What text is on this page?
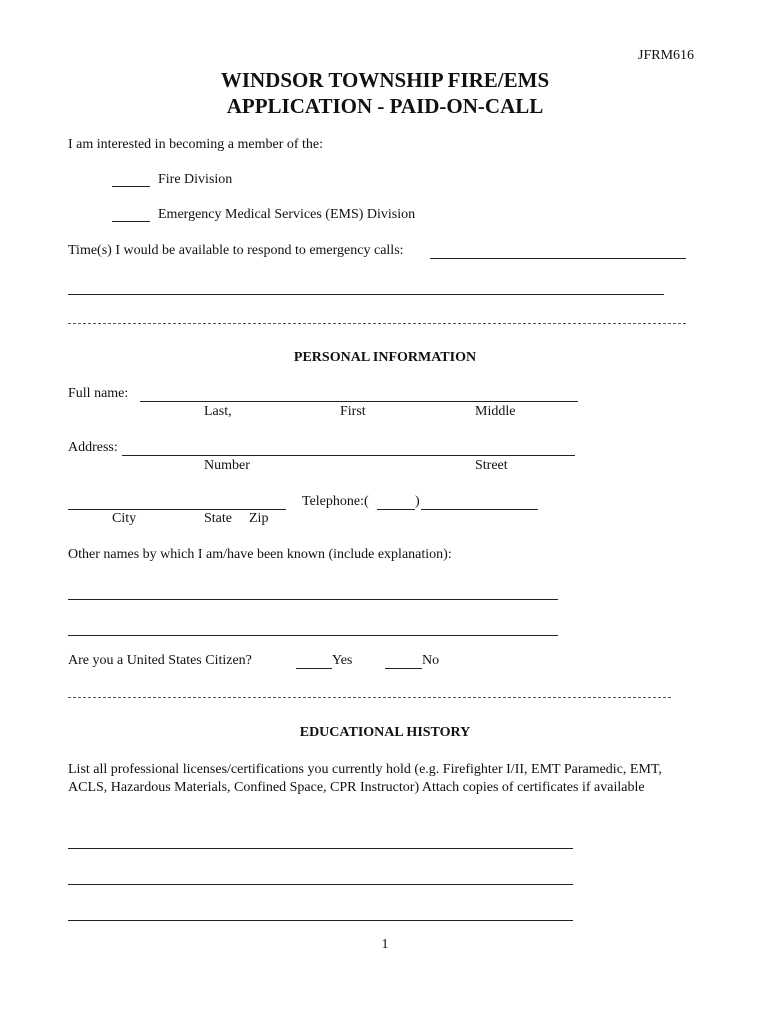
JFRM616
WINDSOR TOWNSHIP FIRE/EMS
APPLICATION - PAID-ON-CALL
I am interested in becoming a member of the:
Fire Division
Emergency Medical Services (EMS) Division
Time(s) I would be available to respond to emergency calls:
PERSONAL INFORMATION
Full name:
Last,	First	Middle
Address:
Number	Street
City	State Zip
Telephone:(	)
Other names by which I am/have been known (include explanation):
Are you a United States Citizen?	Yes	No
EDUCATIONAL HISTORY
List all professional licenses/certifications you currently hold (e.g. Firefighter I/II, EMT Paramedic, EMT, ACLS, Hazardous Materials, Confined Space, CPR Instructor) Attach copies of certificates if available
1
